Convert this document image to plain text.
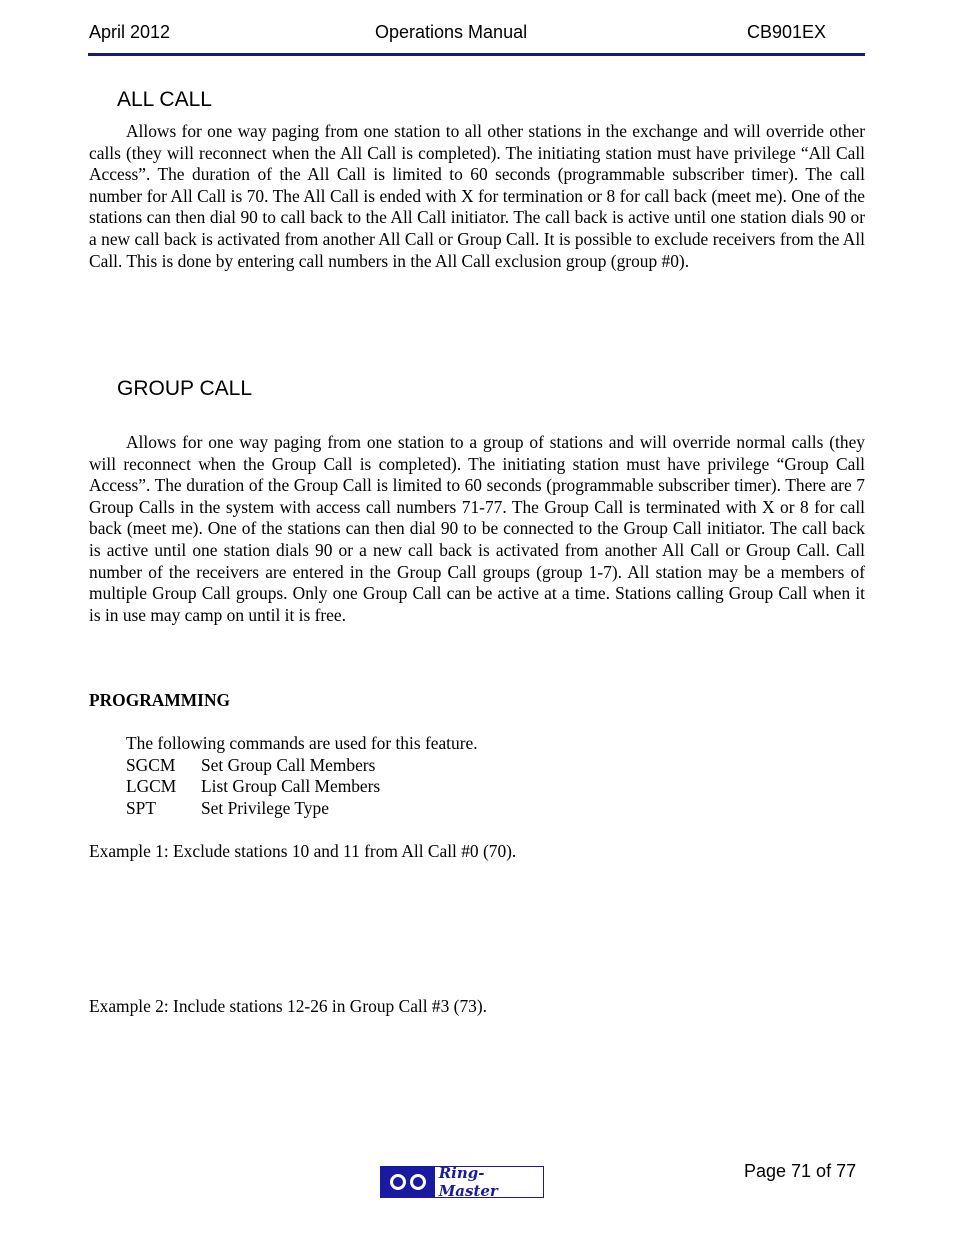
April 2012	Operations Manual	CB901EX
ALL CALL

Allows for one way paging from one station to all other stations in the exchange and will override other calls (they will reconnect when the All Call is completed). The initiating station must have privilege “All Call Access”. The duration of the All Call is limited to 60 seconds (programmable subscriber timer). The call number for All Call is 70. The All Call is ended with X for termination or 8 for call back (meet me). One of the stations can then dial 90 to call back to the All Call initiator. The call back is active until one station dials 90 or a new call back is activated from another All Call or Group Call. It is possible to exclude receivers from the All Call. This is done by entering call numbers in the All Call exclusion group (group #0).

GROUP CALL

Allows for one way paging from one station to a group of stations and will override normal calls (they will reconnect when the Group Call is completed). The initiating station must have privilege “Group Call Access”. The duration of the Group Call is limited to 60 seconds (programmable subscriber timer). There are 7 Group Calls in the system with access call numbers 71-77. The Group Call is terminated with X or 8 for call back (meet me). One of the stations can then dial 90 to be connected to the Group Call initiator. The call back is active until one station dials 90 or a new call back is activated from another All Call or Group Call. Call number of the receivers are entered in the Group Call groups (group 1-7). All station may be a members of multiple Group Call groups. Only one Group Call can be active at a time. Stations calling Group Call when it is in use may camp on until it is free.

PROGRAMMING
The following commands are used for this feature.
SGCM Set Group Call Members
LGCM List Group Call Members
SPT	Set Privilege Type
Example 1: Exclude stations 10 and 11 from All Call #0 (70).
Example 2: Include stations 12-26 in Group Call #3 (73).
Ring-Master
Page 71 of 77
